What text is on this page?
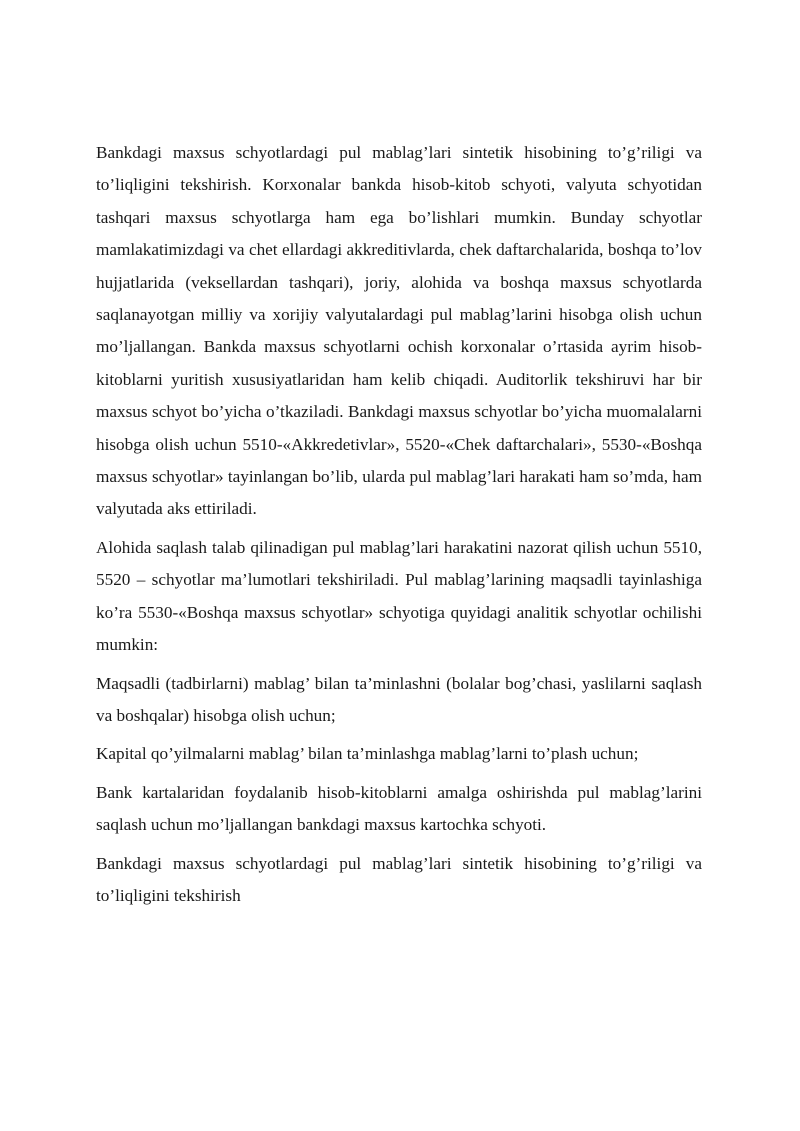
Bankdagi maxsus schyotlardagi pul mablag’lari sintetik hisobining to’g’riligi va to’liqligini tekshirish. Korxonalar bankda hisob-kitob schyoti, valyuta schyotidan tashqari maxsus schyotlarga ham ega bo’lishlari mumkin. Bunday schyotlar mamlakatimizdagi va chet ellardagi akkreditivlarda, chek daftarchalarida, boshqa to’lov hujjatlarida (veksellardan tashqari), joriy, alohida va boshqa maxsus schyotlarda saqlanayotgan milliy va xorijiy valyutalardagi pul mablag’larini hisobga olish uchun mo’ljallangan. Bankda maxsus schyotlarni ochish korxonalar o’rtasida ayrim hisob-kitoblarni yuritish xususiyatlaridan ham kelib chiqadi. Auditorlik tekshiruvi har bir maxsus schyot bo’yicha o’tkaziladi. Bankdagi maxsus schyotlar bo’yicha muomalalarni hisobga olish uchun 5510-«Akkredetivlar», 5520-«Chek daftarchalari», 5530-«Boshqa maxsus schyotlar» tayinlangan bo’lib, ularda pul mablag’lari harakati ham so’mda, ham valyutada aks ettiriladi.

Alohida saqlash talab qilinadigan pul mablag’lari harakatini nazorat qilish uchun 5510, 5520 – schyotlar ma’lumotlari tekshiriladi. Pul mablag’larining maqsadli tayinlashiga ko’ra 5530-«Boshqa maxsus schyotlar» schyotiga quyidagi analitik schyotlar ochilishi mumkin:

Maqsadli (tadbirlarni) mablag’ bilan ta’minlashni (bolalar bog’chasi, yaslilarni saqlash va boshqalar) hisobga olish uchun;

Kapital qo’yilmalarni mablag’ bilan ta’minlashga mablag’larni to’plash uchun;

Bank kartalaridan foydalanib hisob-kitoblarni amalga oshirishda pul mablag’larini saqlash uchun mo’ljallangan bankdagi maxsus kartochka schyoti.

Bankdagi maxsus schyotlardagi pul mablag’lari sintetik hisobining to’g’riligi va to’liqligini tekshirish
